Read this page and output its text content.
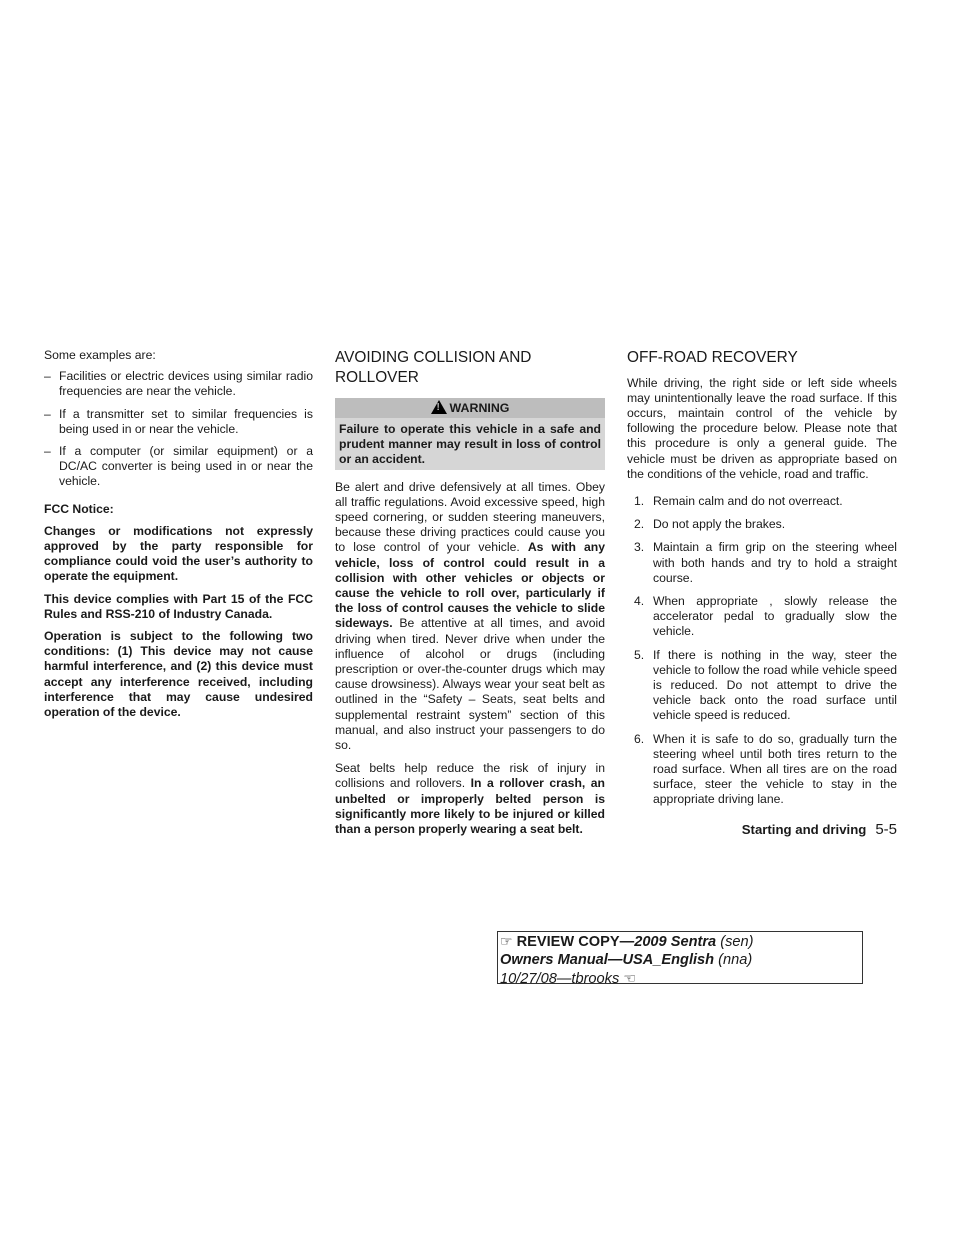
Some examples are:

– Facilities or electric devices using similar radio frequencies are near the vehicle.
– If a transmitter set to similar frequencies is being used in or near the vehicle.
– If a computer (or similar equipment) or a DC/AC converter is being used in or near the vehicle.

FCC Notice:

Changes or modifications not expressly approved by the party responsible for compliance could void the user’s authority to operate the equipment.

This device complies with Part 15 of the FCC Rules and RSS-210 of Industry Canada.

Operation is subject to the following two conditions: (1) This device may not cause harmful interference, and (2) this device must accept any interference received, including interference that may cause undesired operation of the device.

AVOIDING COLLISION AND ROLLOVER
! WARNING
Failure to operate this vehicle in a safe and prudent manner may result in loss of control or an accident.

Be alert and drive defensively at all times. Obey all traffic regulations. Avoid excessive speed, high speed cornering, or sudden steering maneuvers, because these driving practices could cause you to lose control of your vehicle. As with any vehicle, loss of control could result in a collision with other vehicles or objects or cause the vehicle to roll over, particularly if the loss of control causes the vehicle to slide sideways. Be attentive at all times, and avoid driving when tired. Never drive when under the influence of alcohol or drugs (including prescription or over-the-counter drugs which may cause drowsiness). Always wear your seat belt as outlined in the “Safety – Seats, seat belts and supplemental restraint system” section of this manual, and also instruct your passengers to do so.

Seat belts help reduce the risk of injury in collisions and rollovers. In a rollover crash, an unbelted or improperly belted person is significantly more likely to be injured or killed than a person properly wearing a seat belt.

OFF-ROAD RECOVERY

While driving, the right side or left side wheels may unintentionally leave the road surface. If this occurs, maintain control of the vehicle by following the procedure below. Please note that this procedure is only a general guide. The vehicle must be driven as appropriate based on the conditions of the vehicle, road and traffic.

1. Remain calm and do not overreact.
2. Do not apply the brakes.
3. Maintain a firm grip on the steering wheel with both hands and try to hold a straight course.
4. When appropriate , slowly release the accelerator pedal to gradually slow the vehicle.
5. If there is nothing in the way, steer the vehicle to follow the road while vehicle speed is reduced. Do not attempt to drive the vehicle back onto the road surface until vehicle speed is reduced.
6. When it is safe to do so, gradually turn the steering wheel until both tires return to the road surface. When all tires are on the road surface, steer the vehicle to stay in the appropriate driving lane.
Starting and driving 5-5
☞ REVIEW COPY—2009 Sentra (sen)
Owners Manual—USA_English (nna)
10/27/08—tbrooks ☜
